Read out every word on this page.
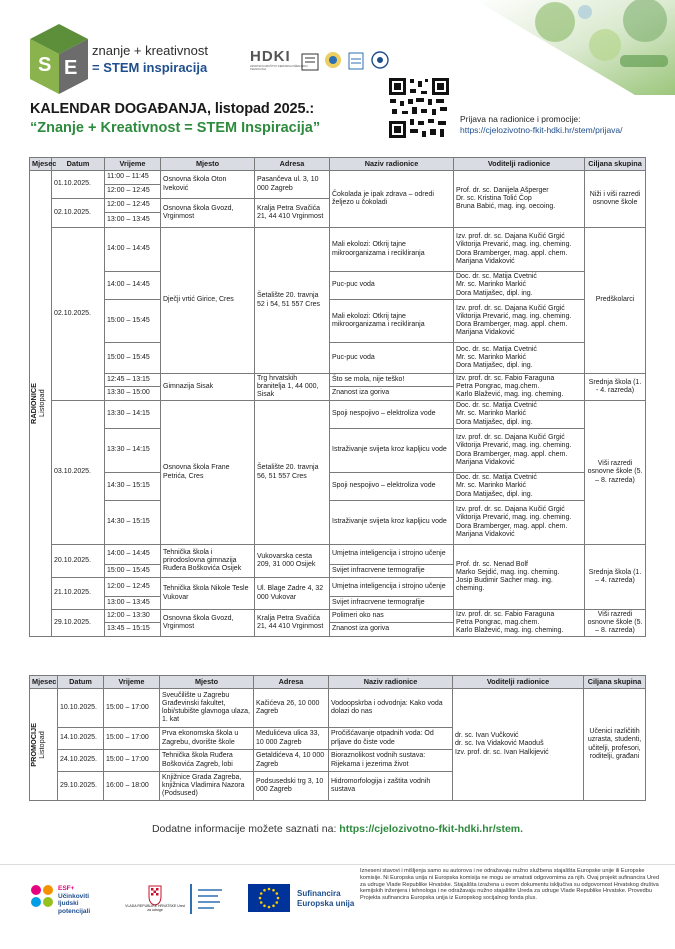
S E
znanje + kreativnost
= STEM inspiracija
HDKI
HRVATSKO DRUŠTVO KEMIJSKIH INŽENJERA I TEHNOLOGA
KALENDAR DOGAĐANJA, listopad 2025.:
“Znanje + Kreativnost = STEM Inspiracija”
Prijava na radionice i promocije:
https://cjelozivotno-fkit-hdki.hr/stem/prijava/
Mjesec	Datum	Vrijeme	Mjesto	Adresa	Naziv radionice	Voditelji radionice	Ciljana skupina

RADIONICE
Listopad	01.10.2025.	11:00 – 11:45	Osnovna škola Oton Iveković	Pasančeva ul. 3, 10 000 Zagreb	Čokolada je ipak zdrava – odredi željezo u čokoladi	Prof. dr. sc. Danijela Ašperger
Dr. sc. Kristina Tolić Čop
Bruna Babić, mag. ing. oecoing.	Niži i viši razredi osnovne škole
		12:00 – 12:45					
	02.10.2025.	12:00 – 12:45	Osnovna škola Gvozd, Vrginmost	Kralja Petra Svačića 21, 44 410 Vrginmost			
		13:00 – 13:45					
	02.10.2025.	14:00 – 14:45	Dječji vrtić Girice, Cres	Šetalište 20. travnja 52 i 54, 51 557 Cres	Mali ekolozi: Otkrij tajne mikroorganizama i recikliranja	Izv. prof. dr. sc. Dajana Kučić Grgić
Viktorija Prevarić, mag. ing. cheming.
Dora Bramberger, mag. appl. chem.
Marijana Vidaković	Predškolarci
		14:00 – 14:45			Puc-puc voda	Doc. dr. sc. Matija Cvetnić
Mr. sc. Marinko Markić
Dora Matijašec, dipl. ing.	
		15:00 – 15:45			Mali ekolozi: Otkrij tajne mikroorganizama i recikliranja	Izv. prof. dr. sc. Dajana Kučić Grgić
Viktorija Prevarić, mag. ing. cheming.
Dora Bramberger, mag. appl. chem.
Marijana Vidaković	
		15:00 – 15:45			Puc-puc voda	Doc. dr. sc. Matija Cvetnić
Mr. sc. Marinko Markić
Dora Matijašec, dipl. ing.	
		12:45 – 13:15	Gimnazija Sisak	Trg hrvatskih branitelja 1, 44 000, Sisak	Što se mola, nije teško!	Izv. prof. dr. sc. Fabio Faraguna
Petra Pongrac, mag.chem.
Karlo Blažević, mag. ing. cheming.	Srednja škola (1. - 4. razreda)
		13:30 – 15:00			Znanost iza goriva		
	03.10.2025.	13:30 – 14:15	Osnovna škola Frane Petrića, Cres	Šetalište 20. travnja 56, 51 557 Cres	Spoji nespojivo – elektroliza vode	Doc. dr. sc. Matija Cvetnić
Mr. sc. Marinko Markić
Dora Matijašec, dipl. ing.	Viši razredi osnovne škole (5. – 8. razreda)
		13:30 – 14:15			Istraživanje svijeta kroz kapljicu vode	Izv. prof. dr. sc. Dajana Kučić Grgić
Viktorija Prevarić, mag. ing. cheming.
Dora Bramberger, mag. appl. chem.
Marijana Vidaković	
		14:30 – 15:15			Spoji nespojivo – elektroliza vode	Doc. dr. sc. Matija Cvetnić
Mr. sc. Marinko Markić
Dora Matijašec, dipl. ing.	
		14:30 – 15:15			Istraživanje svijeta kroz kapljicu vode	Izv. prof. dr. sc. Dajana Kučić Grgić
Viktorija Prevarić, mag. ing. cheming.
Dora Bramberger, mag. appl. chem.
Marijana Vidaković	
	20.10.2025.	14:00 – 14:45	Tehnička škola i prirodoslovna gimnazija Ruđera Boškovića Osijek	Vukovarska cesta 209, 31 000 Osijek	Umjetna inteligencija i strojno učenje	Prof. dr. sc. Nenad Bolf
Marko Sejdić, mag. ing. cheming.
Josip Budimir Sacher mag. ing. cheming.	Srednja škola (1. – 4. razreda)
		15:00 – 15:45			Svijet infracrvene termografije		
	21.10.2025.	12:00 – 12:45	Tehnička škola Nikole Tesle Vukovar	Ul. Blage Zadre 4, 32 000 Vukovar	Umjetna inteligencija i strojno učenje		
		13:00 – 13:45			Svijet infracrvene termografije		
	29.10.2025.	12:00 – 13:30	Osnovna škola Gvozd, Vrginmost	Kralja Petra Svačića 21, 44 410 Vrginmost	Polimeri oko nas	Izv. prof. dr. sc. Fabio Faraguna
Petra Pongrac, mag.chem.
Karlo Blažević, mag. ing. cheming.	Viši razredi osnovne škole (5. – 8. razreda)
		13:45 – 15:15			Znanost iza goriva		
Mjesec	Datum	Vrijeme	Mjesto	Adresa	Naziv radionice	Voditelji radionice	Ciljana skupina

PROMOCIJE
Listopad	10.10.2025.	15:00 – 17:00	Sveučilište u Zagrebu Građevinski fakultet, lobi/stubište glavnoga ulaza, 1. kat	Kačićeva 26, 10 000 Zagreb	Vodoopskrba i odvodnja: Kako voda dolazi do nas	dr. sc. Ivan Vučković
dr. sc. Iva Vidaković Maoduš
Izv. prof. dr. sc. Ivan Halkijević	Učenici različitih uzrasta, studenti, učitelji, profesori, roditelji, građani
	14.10.2025.	15:00 – 17:00	Prva ekonomska škola u Zagrebu, dvorište škole	Medulićeva ulica 33, 10 000 Zagreb	Pročišćavanje otpadnih voda: Od prljave do čiste vode		
	24.10.2025.	15:00 – 17:00	Tehnička škola Ruđera Boškovića Zagreb, lobi	Getaldićeva 4, 10 000 Zagreb	Bioraznolikost vodnih sustava: Rijekama i jezerima život		
	29.10.2025.	16:00 – 18:00	Knjižnice Grada Zagreba, knjižnica Vladimira Nazora (Podsused)	Podsusedski trg 3, 10 000 Zagreb	Hidromorfologija i zaštita vodnih sustava		
Dodatne informacije možete saznati na: https://cjelozivotno-fkit-hdki.hr/stem.
ESF+
Učinkoviti ljudski potencijali
VLADA REPUBLIKE HRVATSKE Ured za udruge
Sufinancira
Europska unija
Izneseni stavovi i mišljenja samo su autorova i ne odražavaju nužno službena stajališta Europske unije ili Europske komisije. Ni Europska unija ni Europska komisija ne mogu se smatrati odgovornima za njih. Ovaj projekt sufinancira Ured za udruge Vlade Republike Hrvatske. Stajališta izražena u ovom dokumentu isključiva su odgovornost Hrvatskog društva kemijskih inženjera i tehnologa i ne odražavaju nužno stajalište Ureda za udruge Vlade Republike Hrvatske. Provedbu Projekta sufinancira Europska unija iz Europskog socijalnog fonda plus.
